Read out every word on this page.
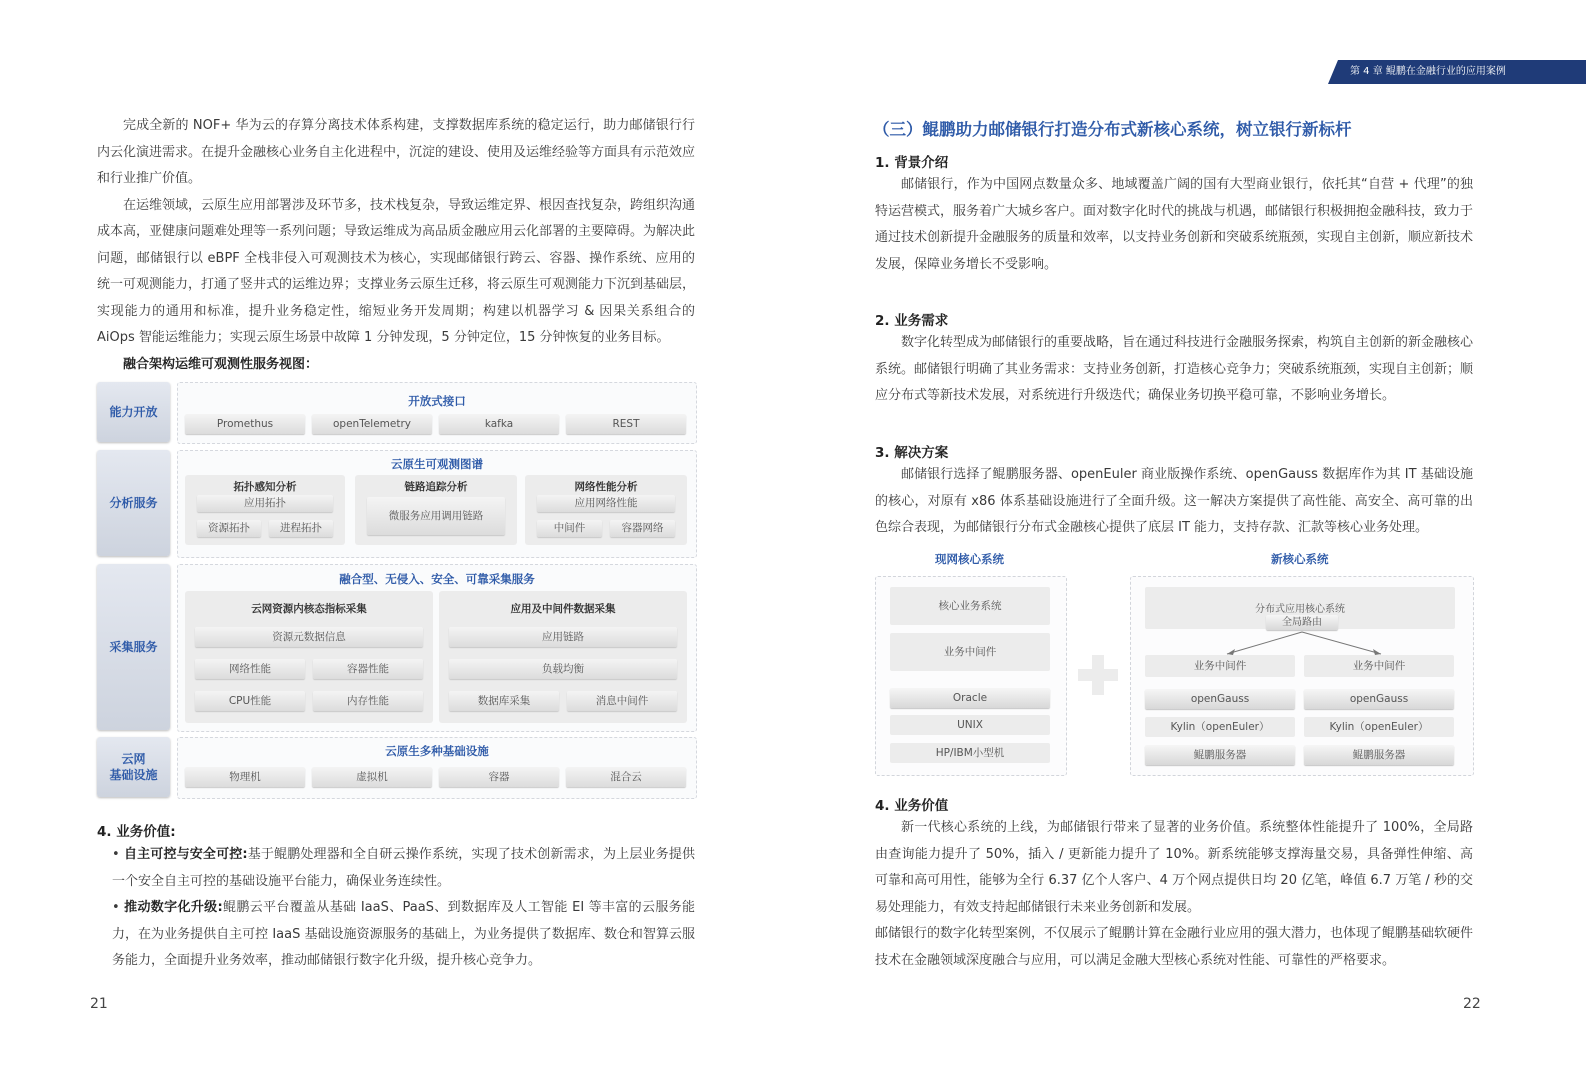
完成全新的 NOF+ 华为云的存算分离技术体系构建，支撑数据库系统的稳定运行，助力邮储银行行内云化演进需求。在提升金融核心业务自主化进程中，沉淀的建设、使用及运维经验等方面具有示范效应和行业推广价值。

在运维领域，云原生应用部署涉及环节多，技术栈复杂，导致运维定界、根因查找复杂，跨组织沟通成本高，亚健康问题难处理等一系列问题；导致运维成为高品质金融应用云化部署的主要障碍。为解决此问题，邮储银行以 eBPF 全栈非侵入可观测技术为核心，实现邮储银行跨云、容器、操作系统、应用的统一可观测能力，打通了竖井式的运维边界；支撑业务云原生迁移，将云原生可观测能力下沉到基础层，实现能力的通用和标准，提升业务稳定性，缩短业务开发周期；构建以机器学习 & 因果关系组合的 AiOps 智能运维能力；实现云原生场景中故障 1 分钟发现，5 分钟定位，15 分钟恢复的业务目标。

融合架构运维可观测性服务视图：

能力开放
开放式接口
Promethus	openTelemetry	kafka	REST
分析服务
云原生可观测图谱
拓扑感知分析
应用拓扑
资源拓扑	进程拓扑
链路追踪分析
微服务应用调用链路
网络性能分析
应用网络性能
中间件	容器网络
采集服务
融合型、无侵入、安全、可靠采集服务
云网资源内核态指标采集
资源元数据信息
网络性能	容器性能
CPU性能	内存性能
应用及中间件数据采集
应用链路
负载均衡
数据库采集	消息中间件
云网
基础设施
云原生多种基础设施
物理机	虚拟机	容器	混合云
4. 业务价值:

• 自主可控与安全可控:基于鲲鹏处理器和全自研云操作系统，实现了技术创新需求，为上层业务提供一个安全自主可控的基础设施平台能力，确保业务连续性。

• 推动数字化升级:鲲鹏云平台覆盖从基础 IaaS、PaaS、到数据库及人工智能 EI 等丰富的云服务能力，在为业务提供自主可控 IaaS 基础设施资源服务的基础上，为业务提供了数据库、数仓和智算云服务能力，全面提升业务效率，推动邮储银行数字化升级，提升核心竞争力。

21
第 4 章 鲲鹏在金融行业的应用案例
（三）鲲鹏助力邮储银行打造分布式新核心系统，树立银行新标杆
1. 背景介绍

邮储银行，作为中国网点数量众多、地域覆盖广阔的国有大型商业银行，依托其“自营 + 代理”的独特运营模式，服务着广大城乡客户。面对数字化时代的挑战与机遇，邮储银行积极拥抱金融科技，致力于通过技术创新提升金融服务的质量和效率，以支持业务创新和突破系统瓶颈，实现自主创新，顺应新技术发展，保障业务增长不受影响。

2. 业务需求

数字化转型成为邮储银行的重要战略，旨在通过科技进行金融服务探索，构筑自主创新的新金融核心系统。邮储银行明确了其业务需求：支持业务创新，打造核心竞争力；突破系统瓶颈，实现自主创新；顺应分布式等新技术发展，对系统进行升级迭代；确保业务切换平稳可靠，不影响业务增长。

3. 解决方案

邮储银行选择了鲲鹏服务器、openEuler 商业版操作系统、openGauss 数据库作为其 IT 基础设施的核心，对原有 x86 体系基础设施进行了全面升级。这一解决方案提供了高性能、高安全、高可靠的出色综合表现，为邮储银行分布式金融核心提供了底层 IT 能力，支持存款、汇款等核心业务处理。

4. 业务价值

新一代核心系统的上线，为邮储银行带来了显著的业务价值。系统整体性能提升了 100%，全局路由查询能力提升了 50%，插入 / 更新能力提升了 10%。新系统能够支撑海量交易，具备弹性伸缩、高可靠和高可用性，能够为全行 6.37 亿个人客户、4 万个网点提供日均 20 亿笔，峰值 6.7 万笔 / 秒的交易处理能力，有效支持起邮储银行未来业务创新和发展。

邮储银行的数字化转型案例，不仅展示了鲲鹏计算在金融行业应用的强大潜力，也体现了鲲鹏基础软硬件技术在金融领域深度融合与应用，可以满足金融大型核心系统对性能、可靠性的严格要求。

22
现网核心系统	新核心系统
核心业务系统
业务中间件
Oracle
UNIX
HP/IBM小型机
分布式应用核心系统
全局路由
业务中间件
openGauss
Kylin（openEuler）
鲲鹏服务器
业务中间件
openGauss
Kylin（openEuler）
鲲鹏服务器
